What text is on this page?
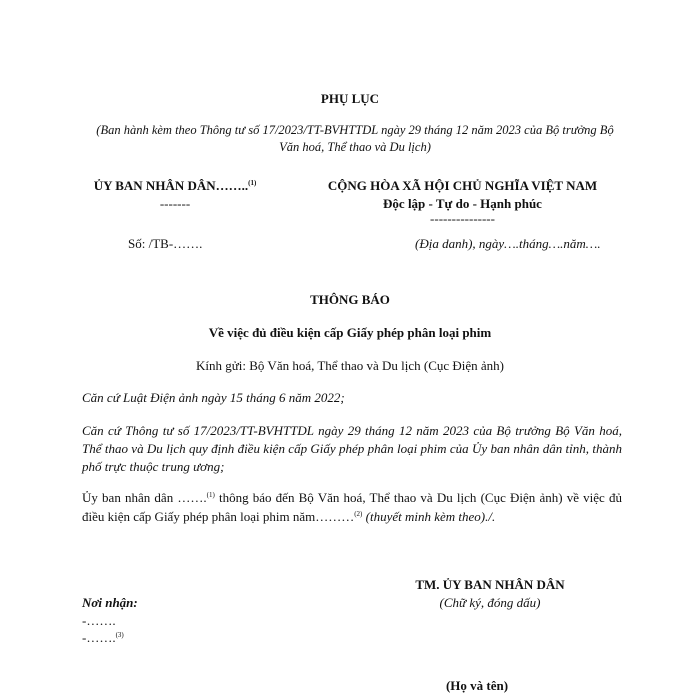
PHỤ LỤC
(Ban hành kèm theo Thông tư số 17/2023/TT-BVHTTDL ngày 29 tháng 12 năm 2023 của Bộ trưởng Bộ Văn hoá, Thể thao và Du lịch)
ỦY BAN NHÂN DÂN……..$^{(1)}$
-------
Số: /TB-…….
CỘNG HÒA XÃ HỘI CHỦ NGHĨA VIỆT NAM
Độc lập - Tự do - Hạnh phúc
---------------
(Địa danh), ngày….tháng….năm….
THÔNG BÁO
Về việc đủ điều kiện cấp Giấy phép phân loại phim
Kính gửi: Bộ Văn hoá, Thể thao và Du lịch (Cục Điện ảnh)
Căn cứ Luật Điện ảnh ngày 15 tháng 6 năm 2022;
Căn cứ Thông tư số 17/2023/TT-BVHTTDL ngày 29 tháng 12 năm 2023 của Bộ trưởng Bộ Văn hoá, Thể thao và Du lịch quy định điều kiện cấp Giấy phép phân loại phim của Ủy ban nhân dân tỉnh, thành phố trực thuộc trung ương;
Ủy ban nhân dân …….$^{(1)}$ thông báo đến Bộ Văn hoá, Thể thao và Du lịch (Cục Điện ảnh) về việc đủ điều kiện cấp Giấy phép phân loại phim năm………$^{(2)}$ (thuyết minh kèm theo)./.
TM. ỦY BAN NHÂN DÂN
(Chữ ký, đóng dấu)
(Họ và tên)
Nơi nhận:
-…….
-…….$^{(3)}$
